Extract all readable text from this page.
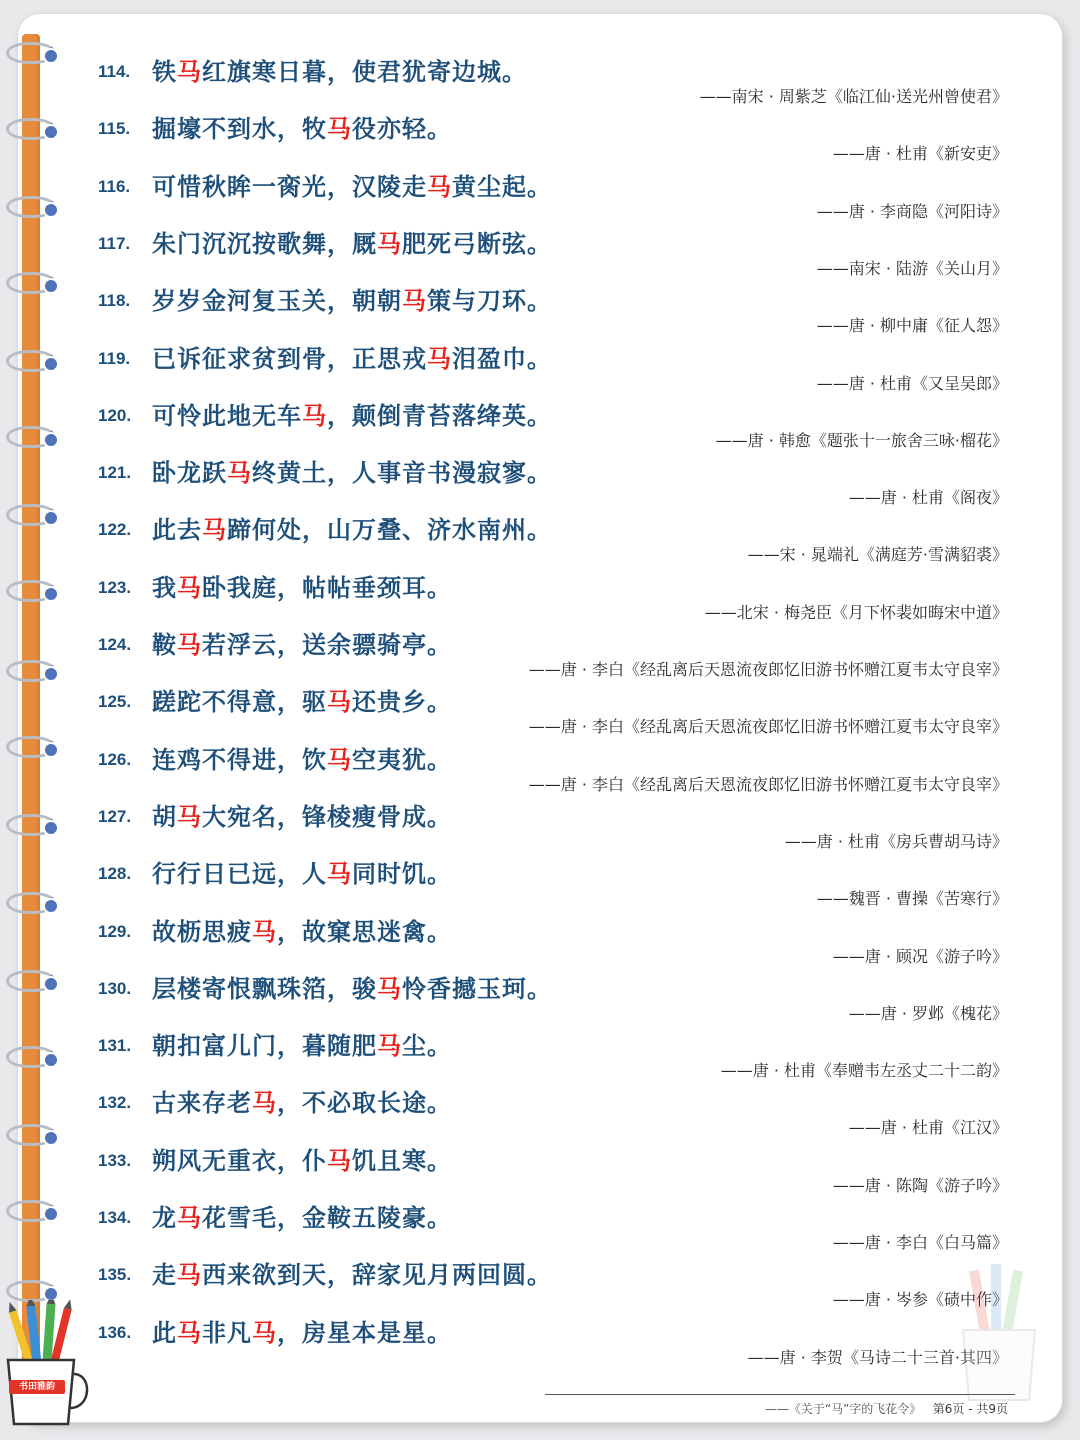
114. 铁马红旗寒日暮，使君犹寄边城。
——南宋 · 周紫芝《临江仙·送光州曾使君》
115. 掘壕不到水，牧马役亦轻。
——唐 · 杜甫《新安吏》
116. 可惜秋眸一脔光，汉陵走马黄尘起。
——唐 · 李商隐《河阳诗》
117. 朱门沉沉按歌舞，厩马肥死弓断弦。
——南宋 · 陆游《关山月》
118. 岁岁金河复玉关，朝朝马策与刀环。
——唐 · 柳中庸《征人怨》
119. 已诉征求贫到骨，正思戎马泪盈巾。
——唐 · 杜甫《又呈吴郎》
120. 可怜此地无车马，颠倒青苔落绛英。
——唐 · 韩愈《题张十一旅舍三咏·榴花》
121. 卧龙跃马终黄土，人事音书漫寂寥。
——唐 · 杜甫《阁夜》
122. 此去马蹄何处，山万叠、济水南州。
——宋 · 晁端礼《满庭芳·雪满貂裘》
123. 我马卧我庭，帖帖垂颈耳。
——北宋 · 梅尧臣《月下怀裴如晦宋中道》
124. 鞍马若浮云，送余骠骑亭。
——唐 · 李白《经乱离后天恩流夜郎忆旧游书怀赠江夏韦太守良宰》
125. 蹉跎不得意，驱马还贵乡。
——唐 · 李白《经乱离后天恩流夜郎忆旧游书怀赠江夏韦太守良宰》
126. 连鸡不得进，饮马空夷犹。
——唐 · 李白《经乱离后天恩流夜郎忆旧游书怀赠江夏韦太守良宰》
127. 胡马大宛名，锋棱瘦骨成。
——唐 · 杜甫《房兵曹胡马诗》
128. 行行日已远，人马同时饥。
——魏晋 · 曹操《苦寒行》
129. 故枥思疲马，故窠思迷禽。
——唐 · 顾况《游子吟》
130. 层楼寄恨飘珠箔，骏马怜香撼玉珂。
——唐 · 罗邺《槐花》
131. 朝扣富儿门，暮随肥马尘。
——唐 · 杜甫《奉赠韦左丞丈二十二韵》
132. 古来存老马，不必取长途。
——唐 · 杜甫《江汉》
133. 朔风无重衣，仆马饥且寒。
——唐 · 陈陶《游子吟》
134. 龙马花雪毛，金鞍五陵豪。
——唐 · 李白《白马篇》
135. 走马西来欲到天，辞家见月两回圆。
——唐 · 岑参《碛中作》
136. 此马非凡马，房星本是星。
——唐 · 李贺《马诗二十三首·其四》
书田雅韵
——《关于“马”字的飞花令》 第6页 - 共9页
